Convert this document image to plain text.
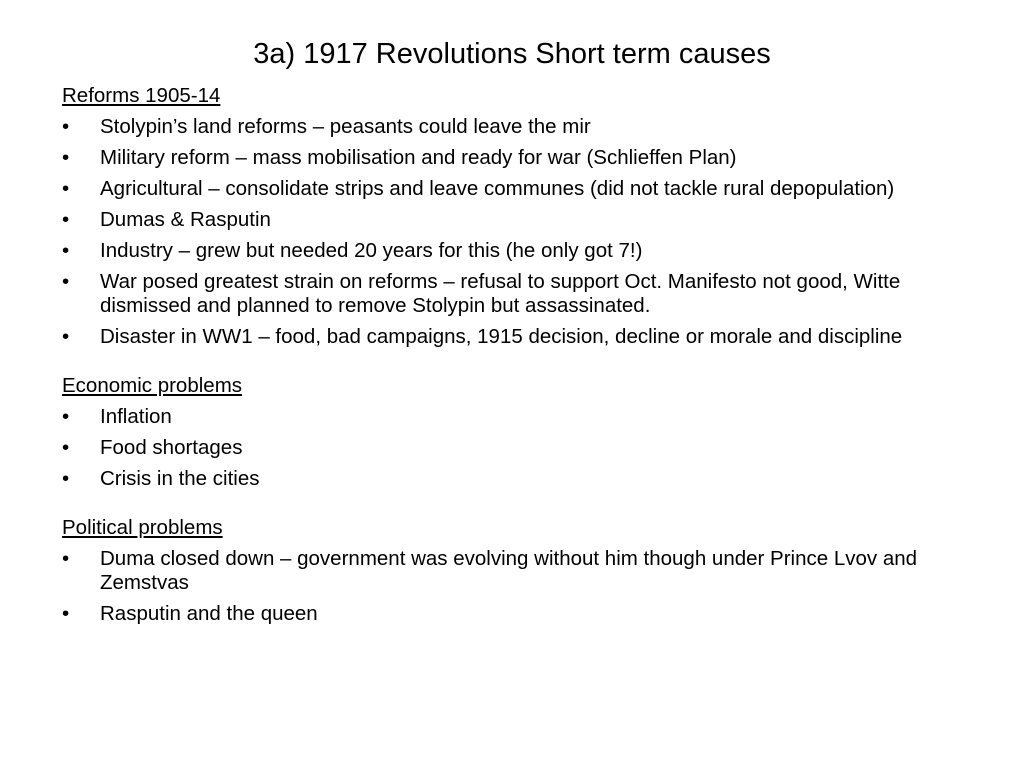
3a) 1917 Revolutions Short term causes
Reforms 1905-14
•	Stolypin’s land reforms – peasants could leave the mir
•	Military reform – mass mobilisation and ready for war (Schlieffen Plan)
•	Agricultural – consolidate strips and leave communes (did not tackle rural depopulation)
•	Dumas & Rasputin
•	Industry – grew but needed 20 years for this (he only got 7!)
•	War posed greatest strain on reforms – refusal to support Oct. Manifesto not good, Witte dismissed and planned to remove Stolypin but assassinated.
•	Disaster in WW1 – food, bad campaigns, 1915 decision, decline or morale and discipline
Economic problems
•	Inflation
•	Food shortages
•	Crisis in the cities
Political problems
•	Duma closed down – government was evolving without him though under Prince Lvov and Zemstvas
•	Rasputin and the queen
